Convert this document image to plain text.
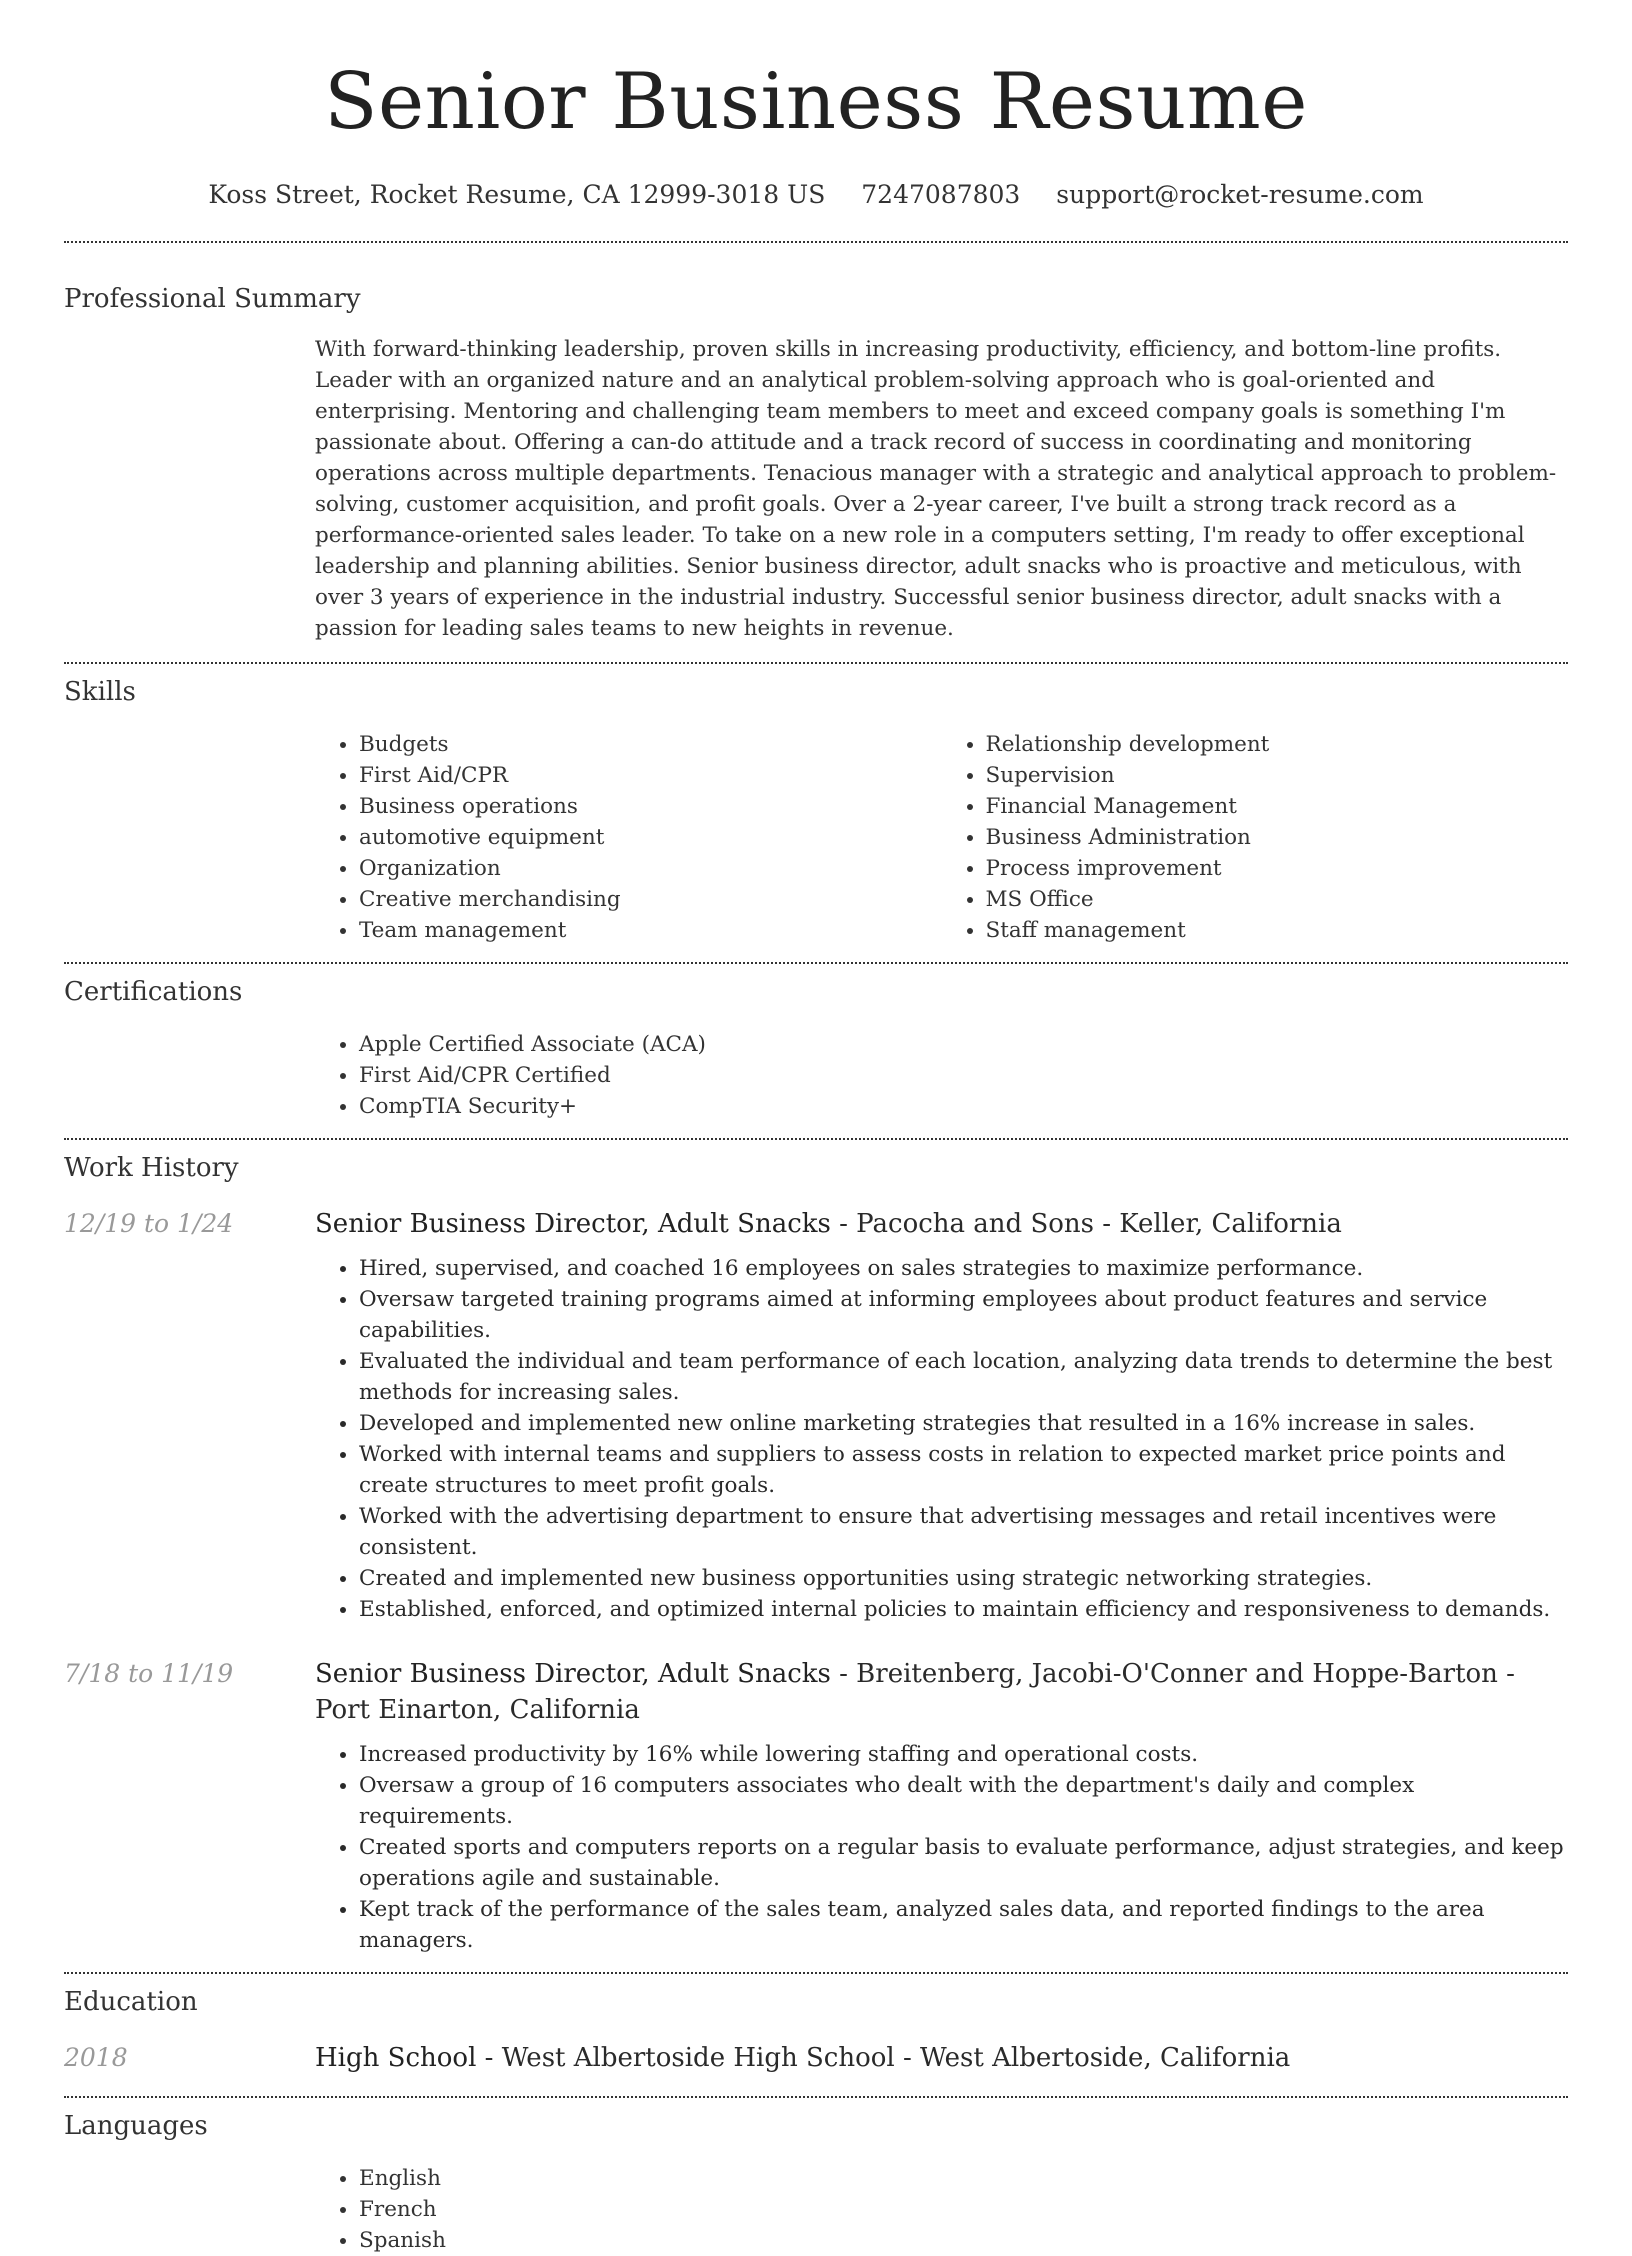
Senior Business Resume
Koss Street, Rocket Resume, CA 12999-3018 US 7247087803 support@rocket-resume.com
Professional Summary

With forward-thinking leadership, proven skills in increasing productivity, efficiency, and bottom-line profits. Leader with an organized nature and an analytical problem-solving approach who is goal-oriented and enterprising. Mentoring and challenging team members to meet and exceed company goals is something I'm passionate about. Offering a can-do attitude and a track record of success in coordinating and monitoring operations across multiple departments. Tenacious manager with a strategic and analytical approach to problem-solving, customer acquisition, and profit goals. Over a 2-year career, I've built a strong track record as a performance-oriented sales leader. To take on a new role in a computers setting, I'm ready to offer exceptional leadership and planning abilities. Senior business director, adult snacks who is proactive and meticulous, with over 3 years of experience in the industrial industry. Successful senior business director, adult snacks with a passion for leading sales teams to new heights in revenue.

Skills
• Budgets
• First Aid/CPR
• Business operations
• automotive equipment
• Organization
• Creative merchandising
• Team management
• Relationship development
• Supervision
• Financial Management
• Business Administration
• Process improvement
• MS Office
• Staff management
Certifications
• Apple Certified Associate (ACA)
• First Aid/CPR Certified
• CompTIA Security+
Work History
12/19 to 1/24	Senior Business Director, Adult Snacks - Pacocha and Sons - Keller, California
• Hired, supervised, and coached 16 employees on sales strategies to maximize performance.
• Oversaw targeted training programs aimed at informing employees about product features and service capabilities.
• Evaluated the individual and team performance of each location, analyzing data trends to determine the best methods for increasing sales.
• Developed and implemented new online marketing strategies that resulted in a 16% increase in sales.
• Worked with internal teams and suppliers to assess costs in relation to expected market price points and create structures to meet profit goals.
• Worked with the advertising department to ensure that advertising messages and retail incentives were consistent.
• Created and implemented new business opportunities using strategic networking strategies.
• Established, enforced, and optimized internal policies to maintain efficiency and responsiveness to demands.
7/18 to 11/19	Senior Business Director, Adult Snacks - Breitenberg, Jacobi-O'Conner and Hoppe-Barton - Port Einarton, California
• Increased productivity by 16% while lowering staffing and operational costs.
• Oversaw a group of 16 computers associates who dealt with the department's daily and complex requirements.
• Created sports and computers reports on a regular basis to evaluate performance, adjust strategies, and keep operations agile and sustainable.
• Kept track of the performance of the sales team, analyzed sales data, and reported findings to the area managers.
Education
2018	High School - West Albertoside High School - West Albertoside, California
Languages
• English
• French
• Spanish
